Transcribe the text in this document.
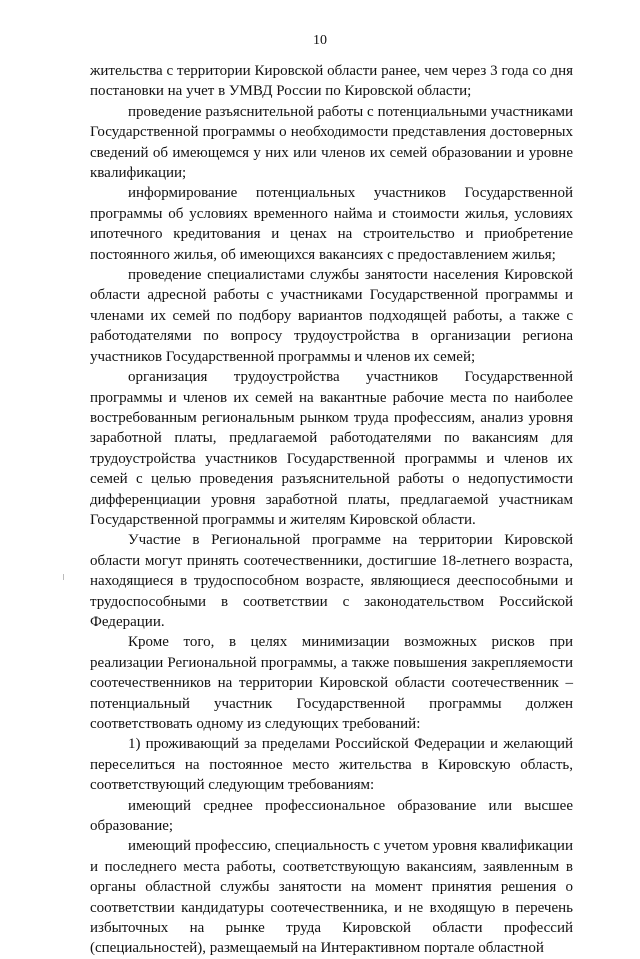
10

жительства с территории Кировской области ранее, чем через 3 года со дня постановки на учет в УМВД России по Кировской области;

проведение разъяснительной работы с потенциальными участниками Государственной программы о необходимости представления достоверных сведений об имеющемся у них или членов их семей образовании и уровне квалификации;

информирование потенциальных участников Государственной программы об условиях временного найма и стоимости жилья, условиях ипотечного кредитования и ценах на строительство и приобретение постоянного жилья, об имеющихся вакансиях с предоставлением жилья;

проведение специалистами службы занятости населения Кировской области адресной работы с участниками Государственной программы и членами их семей по подбору вариантов подходящей работы, а также с работодателями по вопросу трудоустройства в организации региона участников Государственной программы и членов их семей;

организация трудоустройства участников Государственной программы и членов их семей на вакантные рабочие места по наиболее востребованным региональным рынком труда профессиям, анализ уровня заработной платы, предлагаемой работодателями по вакансиям для трудоустройства участников Государственной программы и членов их семей с целью проведения разъяснительной работы о недопустимости дифференциации уровня заработной платы, предлагаемой участникам Государственной программы и жителям Кировской области.

Участие в Региональной программе на территории Кировской области могут принять соотечественники, достигшие 18-летнего возраста, находящиеся в трудоспособном возрасте, являющиеся дееспособными и трудоспособными в соответствии с законодательством Российской Федерации.

Кроме того, в целях минимизации возможных рисков при реализации Региональной программы, а также повышения закрепляемости соотечественников на территории Кировской области соотечественник – потенциальный участник Государственной программы должен соответствовать одному из следующих требований:

1) проживающий за пределами Российской Федерации и желающий переселиться на постоянное место жительства в Кировскую область, соответствующий следующим требованиям:

имеющий среднее профессиональное образование или высшее образование;

имеющий профессию, специальность с учетом уровня квалификации и последнего места работы, соответствующую вакансиям, заявленным в органы областной службы занятости на момент принятия решения о соответствии кандидатуры соотечественника, и не входящую в перечень избыточных на рынке труда Кировской области профессий (специальностей), размещаемый на Интерактивном портале областной
